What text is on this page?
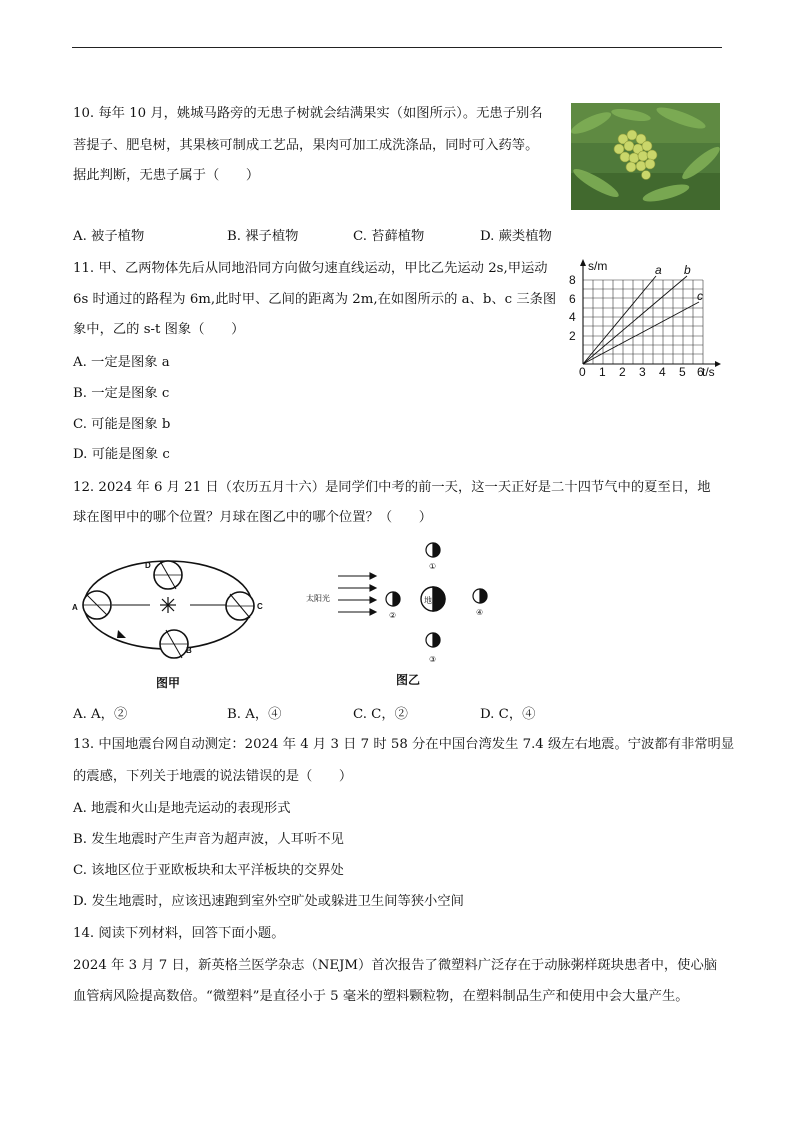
10. 每年 10 月，姚城马路旁的无患子树就会结满果实（如图所示）。无患子别名
菩提子、肥皂树，其果核可制成工艺品，果肉可加工成洗涤品，同时可入药等。
据此判断，无患子属于（　　）
A. 被子植物	B. 裸子植物	C. 苔藓植物	D. 蕨类植物
11. 甲、乙两物体先后从同地沿同方向做匀速直线运动，甲比乙先运动 2s,甲运动
6s 时通过的路程为 6m,此时甲、乙间的距离为 2m,在如图所示的 a、b、c 三条图
象中，乙的 s-t 图象（　　）
A. 一定是图象 a
B. 一定是图象 c
C. 可能是图象 b
D. 可能是图象 c
s/m
t/s
8
6
4
2
0 1 2 3 4 5 6
a b
c
12. 2024 年 6 月 21 日（农历五月十六）是同学们中考的前一天，这一天正好是二十四节气中的夏至日，地
球在图甲中的哪个位置？月球在图乙中的哪个位置？（　　）
A
B
C
D
图甲
太阳光	地
①
②
③
④
图乙
A. A，②	B. A，④	C. C，②	D. C，④
13. 中国地震台网自动测定：2024 年 4 月 3 日 7 时 58 分在中国台湾发生 7.4 级左右地震。宁波都有非常明显
的震感，下列关于地震的说法错误的是（　　）
A. 地震和火山是地壳运动的表现形式
B. 发生地震时产生声音为超声波，人耳听不见
C. 该地区位于亚欧板块和太平洋板块的交界处
D. 发生地震时，应该迅速跑到室外空旷处或躲进卫生间等狭小空间
14. 阅读下列材料，回答下面小题。
2024 年 3 月 7 日，新英格兰医学杂志（NEJM）首次报告了微塑料广泛存在于动脉粥样斑块患者中，使心脑
血管病风险提高数倍。“微塑料”是直径小于 5 毫米的塑料颗粒物，在塑料制品生产和使用中会大量产生。
